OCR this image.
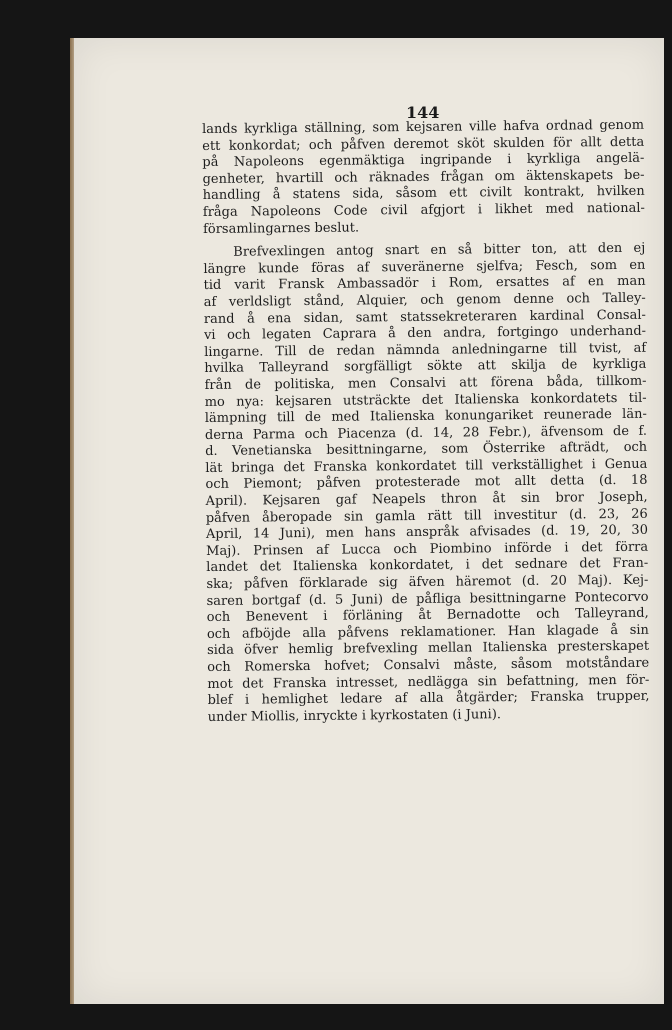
144
lands kyrkliga ställning, som kejsaren ville hafva ordnad genom
ett konkordat; och påfven deremot sköt skulden för allt detta
på Napoleons egenmäktiga ingripande i kyrkliga angelä-
genheter, hvartill och räknades frågan om äktenskapets be-
handling å statens sida, såsom ett civilt kontrakt, hvilken
fråga Napoleons Code civil afgjort i likhet med national-
församlingarnes beslut.
Brefvexlingen antog snart en så bitter ton, att den ej
längre kunde föras af suveränerne sjelfva; Fesch, som en
tid varit Fransk Ambassadör i Rom, ersattes af en man
af verldsligt stånd, Alquier, och genom denne och Talley-
rand å ena sidan, samt statssekreteraren kardinal Consal-
vi och legaten Caprara å den andra, fortgingo underhand-
lingarne. Till de redan nämnda anledningarne till tvist, af
hvilka Talleyrand sorgfälligt sökte att skilja de kyrkliga
från de politiska, men Consalvi att förena båda, tillkom-
mo nya: kejsaren utsträckte det Italienska konkordatets til-
lämpning till de med Italienska konungariket reunerade län-
derna Parma och Piacenza (d. 14, 28 Febr.), äfvensom de f.
d. Venetianska besittningarne, som Österrike afträdt, och
lät bringa det Franska konkordatet till verkställighet i Genua
och Piemont; påfven protesterade mot allt detta (d. 18
April). Kejsaren gaf Neapels thron åt sin bror Joseph,
påfven åberopade sin gamla rätt till investitur (d. 23, 26
April, 14 Juni), men hans anspråk afvisades (d. 19, 20, 30
Maj). Prinsen af Lucca och Piombino införde i det förra
landet det Italienska konkordatet, i det sednare det Fran-
ska; påfven förklarade sig äfven häremot (d. 20 Maj). Kej-
saren bortgaf (d. 5 Juni) de påfliga besittningarne Pontecorvo
och Benevent i förläning åt Bernadotte och Talleyrand,
och afböjde alla påfvens reklamationer. Han klagade å sin
sida öfver hemlig brefvexling mellan Italienska presterskapet
och Romerska hofvet; Consalvi måste, såsom motståndare
mot det Franska intresset, nedlägga sin befattning, men för-
blef i hemlighet ledare af alla åtgärder; Franska trupper,
under Miollis, inryckte i kyrkostaten (i Juni).
